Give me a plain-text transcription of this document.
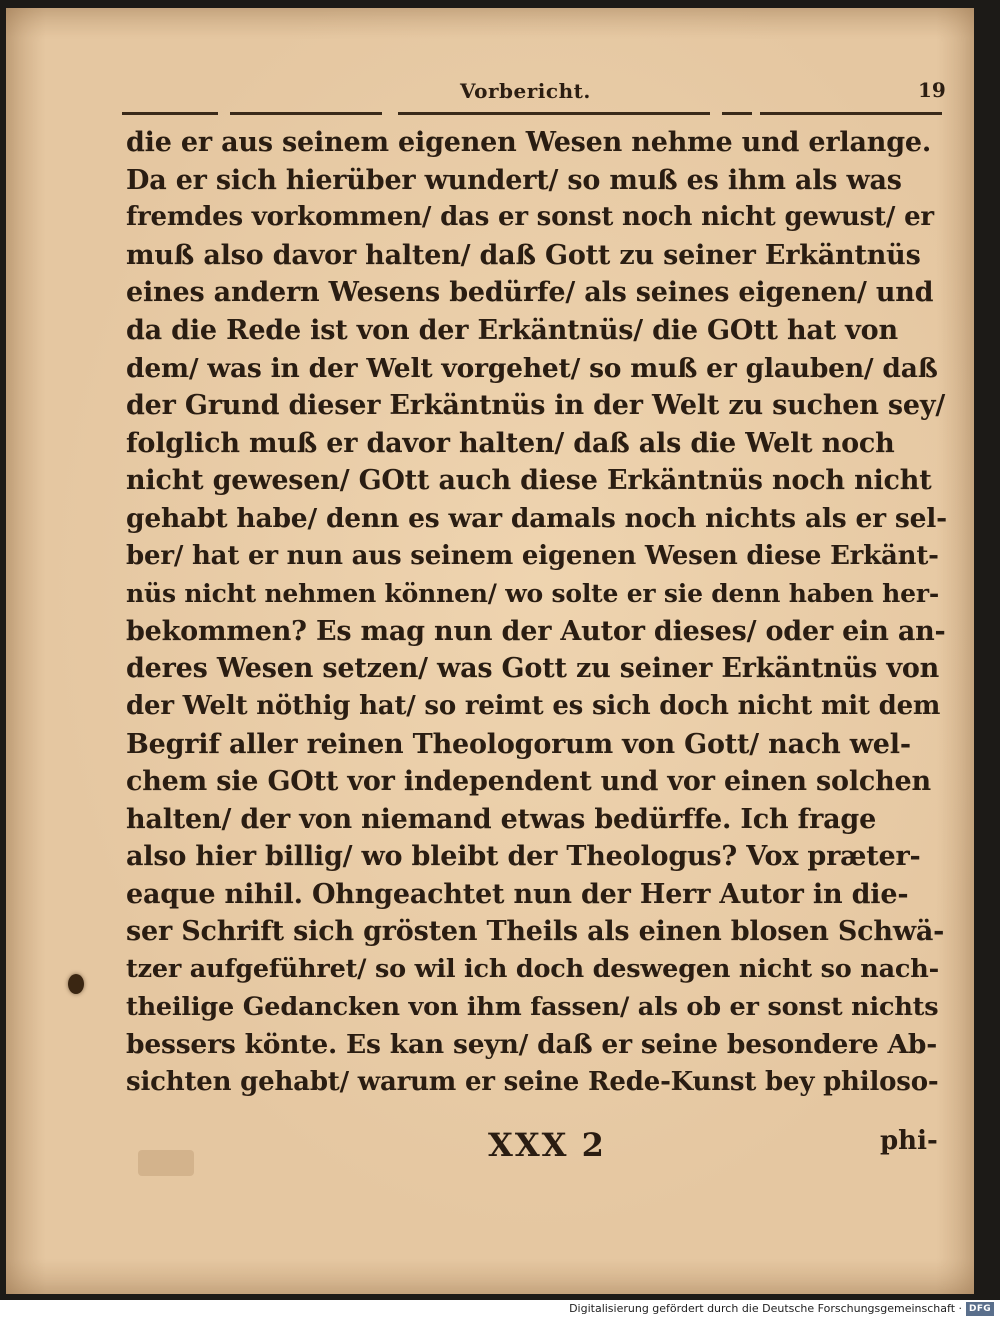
Vorbericht.	19
die er aus seinem eigenen Wesen nehme und erlange.
Da er sich hierüber wundert/ so muß es ihm als was
fremdes vorkommen/ das er sonst noch nicht gewust/ er
muß also davor halten/ daß Gott zu seiner Erkäntnüs
eines andern Wesens bedürfe/ als seines eigenen/ und
da die Rede ist von der Erkäntnüs/ die GOtt hat von
dem/ was in der Welt vorgehet/ so muß er glauben/ daß
der Grund dieser Erkäntnüs in der Welt zu suchen sey/
folglich muß er davor halten/ daß als die Welt noch
nicht gewesen/ GOtt auch diese Erkäntnüs noch nicht
gehabt habe/ denn es war damals noch nichts als er sel-
ber/ hat er nun aus seinem eigenen Wesen diese Erkänt-
nüs nicht nehmen können/ wo solte er sie denn haben her-
bekommen? Es mag nun der Autor dieses/ oder ein an-
deres Wesen setzen/ was Gott zu seiner Erkäntnüs von
der Welt nöthig hat/ so reimt es sich doch nicht mit dem
Begrif aller reinen Theologorum von Gott/ nach wel-
chem sie GOtt vor independent und vor einen solchen
halten/ der von niemand etwas bedürffe. Ich frage
also hier billig/ wo bleibt der Theologus? Vox præter-
eaque nihil. Ohngeachtet nun der Herr Autor in die-
ser Schrift sich grösten Theils als einen blosen Schwä-
tzer aufgeführet/ so wil ich doch deswegen nicht so nach-
theilige Gedancken von ihm fassen/ als ob er sonst nichts
bessers könte. Es kan seyn/ daß er seine besondere Ab-
sichten gehabt/ warum er seine Rede-Kunst bey philoso-
XXX 2	phi-
Digitalisierung gefördert durch die Deutsche Forschungsgemeinschaft · DFG
